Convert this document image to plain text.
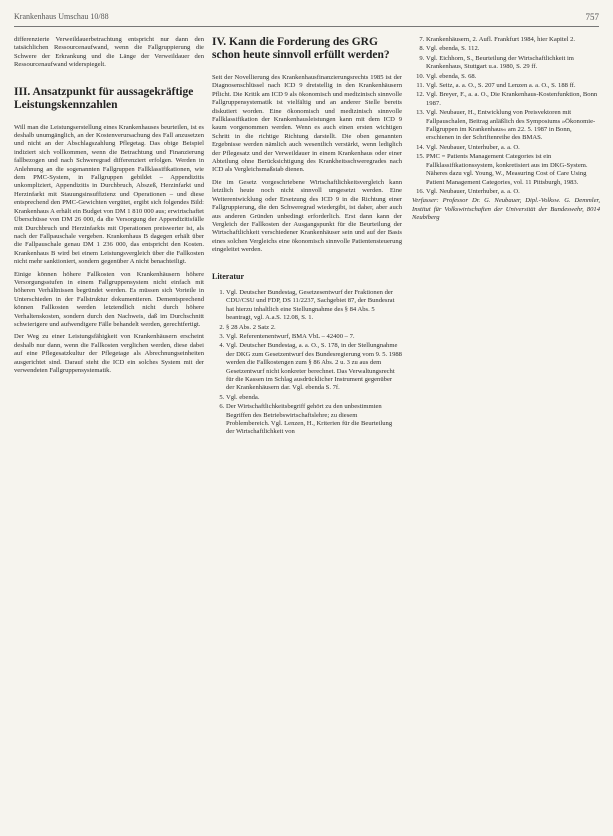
Krankenhaus Umschau 10/88	757

differenzierte Verweildauerbetrachtung entspricht nur dann den tatsächlichen Ressourcenaufwand, wenn die Fallgruppierung die Schwere der Erkrankung und die Länge der Verweildauer den Ressourcenaufwand widerspiegelt.

III. Ansatzpunkt für aussagekräftige Leistungskennzahlen

Will man die Leistungserstellung eines Krankenhauses beurteilen, ist es deshalb unumgänglich, an der Kostenverursachung des Fall anzusetzen und nicht an der Abschlagszahlung Pflegetag. Das obige Beispiel indiziert sich vollkommen, wenn die Betrachtung und Finanzierung fallbezogen und nach Schweregrad differenziert erfolgen. Werden in Anlehnung an die sogenannten Fallgruppen Fallklassifikationen, wie dem PMC-System, in Fallgruppen gebildet – Appendizitis unkompliziert, Appendizitis in Durchbruch, Abszeß, Herzinfarkt und Herzinfarkt mit Stauungsinsuffizienz und Operationen – und diese entsprechend den PMC-Gewichten vergütet, ergibt sich folgendes Bild: Krankenhaus A erhält ein Budget von DM 1 810 000 aus; erwirtschaftet Überschüsse von DM 26 000, da die Versorgung der Appendizitisfälle mit Durchbruch und Herzinfarkts mit Operationen preiswerter ist, als nach der Fallpauschale vergeben. Krankenhaus B dagegen erhält über die Fallpauschale genau DM 1 236 000, das entspricht den Kosten. Krankenhaus B wird bei einem Leistungsvergleich über die Fallkosten nicht mehr sanktioniert, sondern gegenüber A nicht benachteiligt.

Einige können höhere Fallkosten von Krankenhäusern höhere Versorgungsstufen in einem Fallgruppensystem nicht einfach mit höheren Verhältnissen begründet werden. Es müssen sich Vorteile in Unterschieden in der Fallstruktur dokumentieren. Dementsprechend können Fallkosten werden letztendlich nicht durch höhere Verhaltenskosten, sondern durch den Nachweis, daß im Durchschnitt schwierigere und aufwendigere Fälle behandelt werden, gerechtfertigt.

Der Weg zu einer Leistungsfähigkeit von Krankenhäusern erscheint deshalb nur dann, wenn die Fallkosten verglichen werden, diese dabei auf eine Pflegesatzkultur der Pflegetage als Abrechnungseinheiten ausgerichtet sind. Darauf steht die ICD ein solches System mit der verwendeten Fallgruppensystematik.

IV. Kann die Forderung des GRG schon heute sinnvoll erfüllt werden?

Seit der Novellierung des Krankenhausfinanzierungsrechts 1985 ist der Diagnosenschlüssel nach ICD 9 dreistellig in den Krankenhäusern Pflicht. Die Kritik am ICD 9 als ökonomisch und medizinisch sinnvolle Fallgruppensystematik ist vielfältig und an anderer Stelle bereits diskutiert worden. Eine ökonomisch und medizinisch sinnvolle Fallklassifikation der Krankenhausleistungen kann mit dem ICD 9 kaum vorgenommen werden. Wenn es auch einen ersten wichtigen Schritt in die richtige Richtung darstellt. Die oben genannten Ergebnisse werden nämlich auch wesentlich verstärkt, wenn lediglich der Pflegesatz und der Verweildauer in einem Krankenhaus oder einer Abteilung ohne Berücksichtigung des Krankheitsschweregrades nach ICD als Vergleichsmaßstab dienen.

Die im Gesetz vorgeschriebene Wirtschaftlichkeitsvergleich kann letztlich heute noch nicht sinnvoll umgesetzt werden. Eine Weiterentwicklung oder Ersetzung des ICD 9 in die Richtung einer Fallgruppierung, die den Schweregrad wiedergibt, ist daher, aber auch aus anderen Gründen unbedingt erforderlich. Erst dann kann der Vergleich der Fallkosten der Ausgangspunkt für die Beurteilung der Wirtschaftlichkeit verschiedener Krankenhäuser sein und auf der Basis eines solchen Vergleichs eine ökonomisch sinnvolle Patientensteuerung eingeleitet werden.

Literatur
1. Vgl. Deutscher Bundestag, Gesetzesentwurf der Fraktionen der CDU/CSU und FDP, DS 11/2237, Sachgebiet 87, der Bundesrat hat hierzu inhaltlich eine Stellungnahme des § 84 Abs. 5 beantragt, vgl. A.a.S. 12.08, S. 1.
2. § 28 Abs. 2 Satz 2.
3. Vgl. Referentenentwurf, BMA VbL – 42400 – 7.
4. Vgl. Deutscher Bundestag, a. a. O., S. 178, in der Stellungnahme der DKG zum Gesetzentwurf des Bundesregierung vom 9. 5. 1988 werden die Fallkostengen zum § 86 Abs. 2 u. 3 zu aus dem Gesetzentwurf nicht konkreter berechnet. Das Verwaltungsrecht für die Kassen im Schlag ausdrücklicher Instrument gegenüber der Krankenhäusern dar. Vgl. ebenda S. 7f.
5. Vgl. ebenda.
6. Der Wirtschaftlichkeitsbegriff gehört zu den unbestimmten Begriffen des Betriebswirtschaftslehre; zu diesem Problembereich. Vgl. Lenzen, H., Kriterien für die Beurteilung der Wirtschaftlichkeit von
7. Krankenhäusern, 2. Aufl. Frankfurt 1984, hier Kapitel 2.
8. Vgl. ebenda, S. 112.
9. Vgl. Eichhorn, S., Beurteilung der Wirtschaftlichkeit im Krankenhaus, Stuttgart u.a. 1980, S. 29 ff.
10. Vgl. ebenda, S. 68.
11. Vgl. Seitz, a. a. O., S. 207 und Lenzen a. a. O., S. 188 ff.
12. Vgl. Breyer, F., a. a. O., Die Krankenhaus-Kostenfunktion, Bonn 1987.
13. Vgl. Neubauer, H., Entwicklung von Preisvektoren mit Fallpauschalen, Beitrag anläßlich des Symposiums »Ökonomie-Fallgruppen im Krankenhaus« am 22. 5. 1987 in Bonn, erschienen in der Schriftenreihe des BMAS.
14. Vgl. Neubauer, Unterhuber, a. a. O.
15. PMC = Patients Management Categories ist ein Fallklassifikationssystem, konkretisiert aus im DKG-System. Näheres dazu vgl. Young, W., Measuring Cost of Care Using Patient Management Categories, vol. 11 Pittsburgh, 1983.
16. Vgl. Neubauer, Unterhuber, a. a. O.

Verfasser: Professor Dr. G. Neubauer, Dipl.-Volksw. G. Demmler, Institut für Volkswirtschaften der Universität der Bundeswehr, 8014 Neubiberg
